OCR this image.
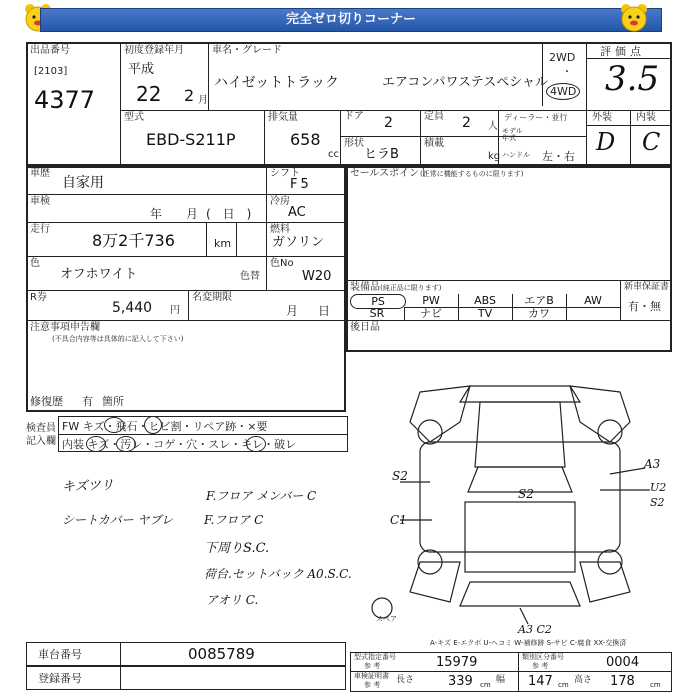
完全ゼロ切りコーナー
出品番号
[2103]
4377
初度登録年月
平成
22 2 月
車名・グレード
ハイゼットトラック	エアコンパワステスペシャル
2WD
・
4WD
評価点
3.5
外装 内装
D C
型式
EBD-S211P
排気量
658
cc
ドア 2	定員 2 人
ディーラー・並行
形状
ヒラB
積載
kg
モデル
年式
ハンドル 左・右
車歴
自家用
シフト
F5
車検
年 月 (日)
冷房
AC
走行
8万2千736	km
燃料
ガソリン
色
オフホワイト	色替
色No
W20
R券
5,440 円
名変期限
月 日
注意事項申告欄
(不具合内容等は具体的に記入して下さい)
修復歴 有 箇所
セールスポイント
(正常に機能するものに限ります)
装備品 (純正品に限ります)	新車保証書
有・無
PS	PW	ABS	エアB	AW
SR	ナビ	TV	カワ
後日品
検査員
記入欄
FW キズ・飛石・ヒビ割・リペア跡・×要
内装 キズ・汚レ・コゲ・穴・スレ・キレ・破レ
キズツリ
シートカバー ヤブレ
F.フロア メンバー C
F.フロア C
下周りS.C.
荷台.セットバック A0.S.C.
アオリ C.
S2
C1
S2
A3
U2
S2
A3 C2
スペア
A-キズ E-エクボ U-ヘコミ W-補修跡 S-サビ C-腐食 XX-交換済
車台番号	0085789
登録番号
型式指定番号
参 考	15979	類別区分番号
参 考	0004
車検証明書
参 考 長さ	339 cm 幅 147 cm 高さ 178 cm
